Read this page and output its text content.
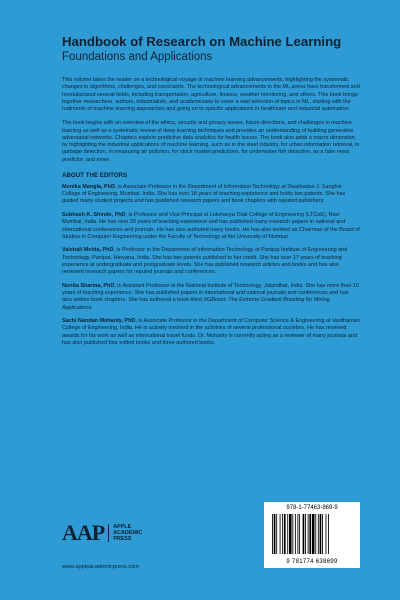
Handbook of Research on Machine Learning
Foundations and Applications

This volume takes the reader on a technological voyage of machine learning advancements, highlighting the systematic changes in algorithms, challenges, and constraints. The technological advancements in the ML arena have transformed and revolutionized several fields, including transportation, agriculture, finance, weather monitoring, and others. This book brings together researchers, authors, industrialists, and academicians to cover a vast selection of topics in ML, starting with the rudiments of machine learning approaches and going on to specific applications in healthcare and industrial automation.

The book begins with an overview of the ethics, security and privacy issues, future directions, and challenges in machine learning as well as a systematic review of deep learning techniques and provides an understanding of building generative adversarial networks. Chapters explore predictive data analytics for health issues. The book also adds a macro dimension by highlighting the industrial applications of machine learning, such as in the steel industry, for urban information retrieval, in garbage detection, in measuring air pollution, for stock market predictions, for underwater fish detection, as a fake news predictor, and more.

ABOUT THE EDITORS

Monika Mangla, PhD, is Associate Professor in the Department of Information Technology at Dwarkadas J. Sanghvi College of Engineering, Mumbai, India. She has over 18 years of teaching experience and holds two patents. She has guided many student projects and has published research papers and book chapters with reputed publishers.

Subhash K. Shinde, PhD, is Professor and Vice Principal at Lokmanya Tilak College of Engineering (LTCoE), Navi Mumbai, India. He has over 20 years of teaching experience and has published many research papers in national and international conferences and journals. He has also authored many books. He has also worked as Chairman of the Board of Studies in Computer Engineering under the Faculty of Technology at the University of Mumbai.

Vaishali Mehta, PhD, is Professor in the Department of Information Technology at Panipat Institute of Engineering and Technology, Panipat, Haryana, India. She has two patents published to her credit. She has over 17 years of teaching experience at undergraduate and postgraduate levels. She has published research articles and books and has also reviewed research papers for reputed journals and conferences.

Nonita Sharma, PhD, is Assistant Professor at the National Institute of Technology, Jalandhar, India. She has more than 10 years of teaching experience. She has published papers in international and national journals and conferences and has also written book chapters. She has authored a book titled XGBoost: The Extreme Gradient Boosting for Mining Applications.

Sachi Nandan Mohanty, PhD, is Associate Professor in the Department of Computer Science & Engineering at Vardhaman College of Engineering, India. He is actively involved in the activities of several professional societies. He has received awards for his work as well as international travel funds. Dr. Mohanty is currently acting as a reviewer of many journals and has also published four edited books and three authored books.

AAP	APPLE
ACADEMIC
PRESS
www.appleacademicpress.com
978-1-77463-869-9
9 781774 638699
